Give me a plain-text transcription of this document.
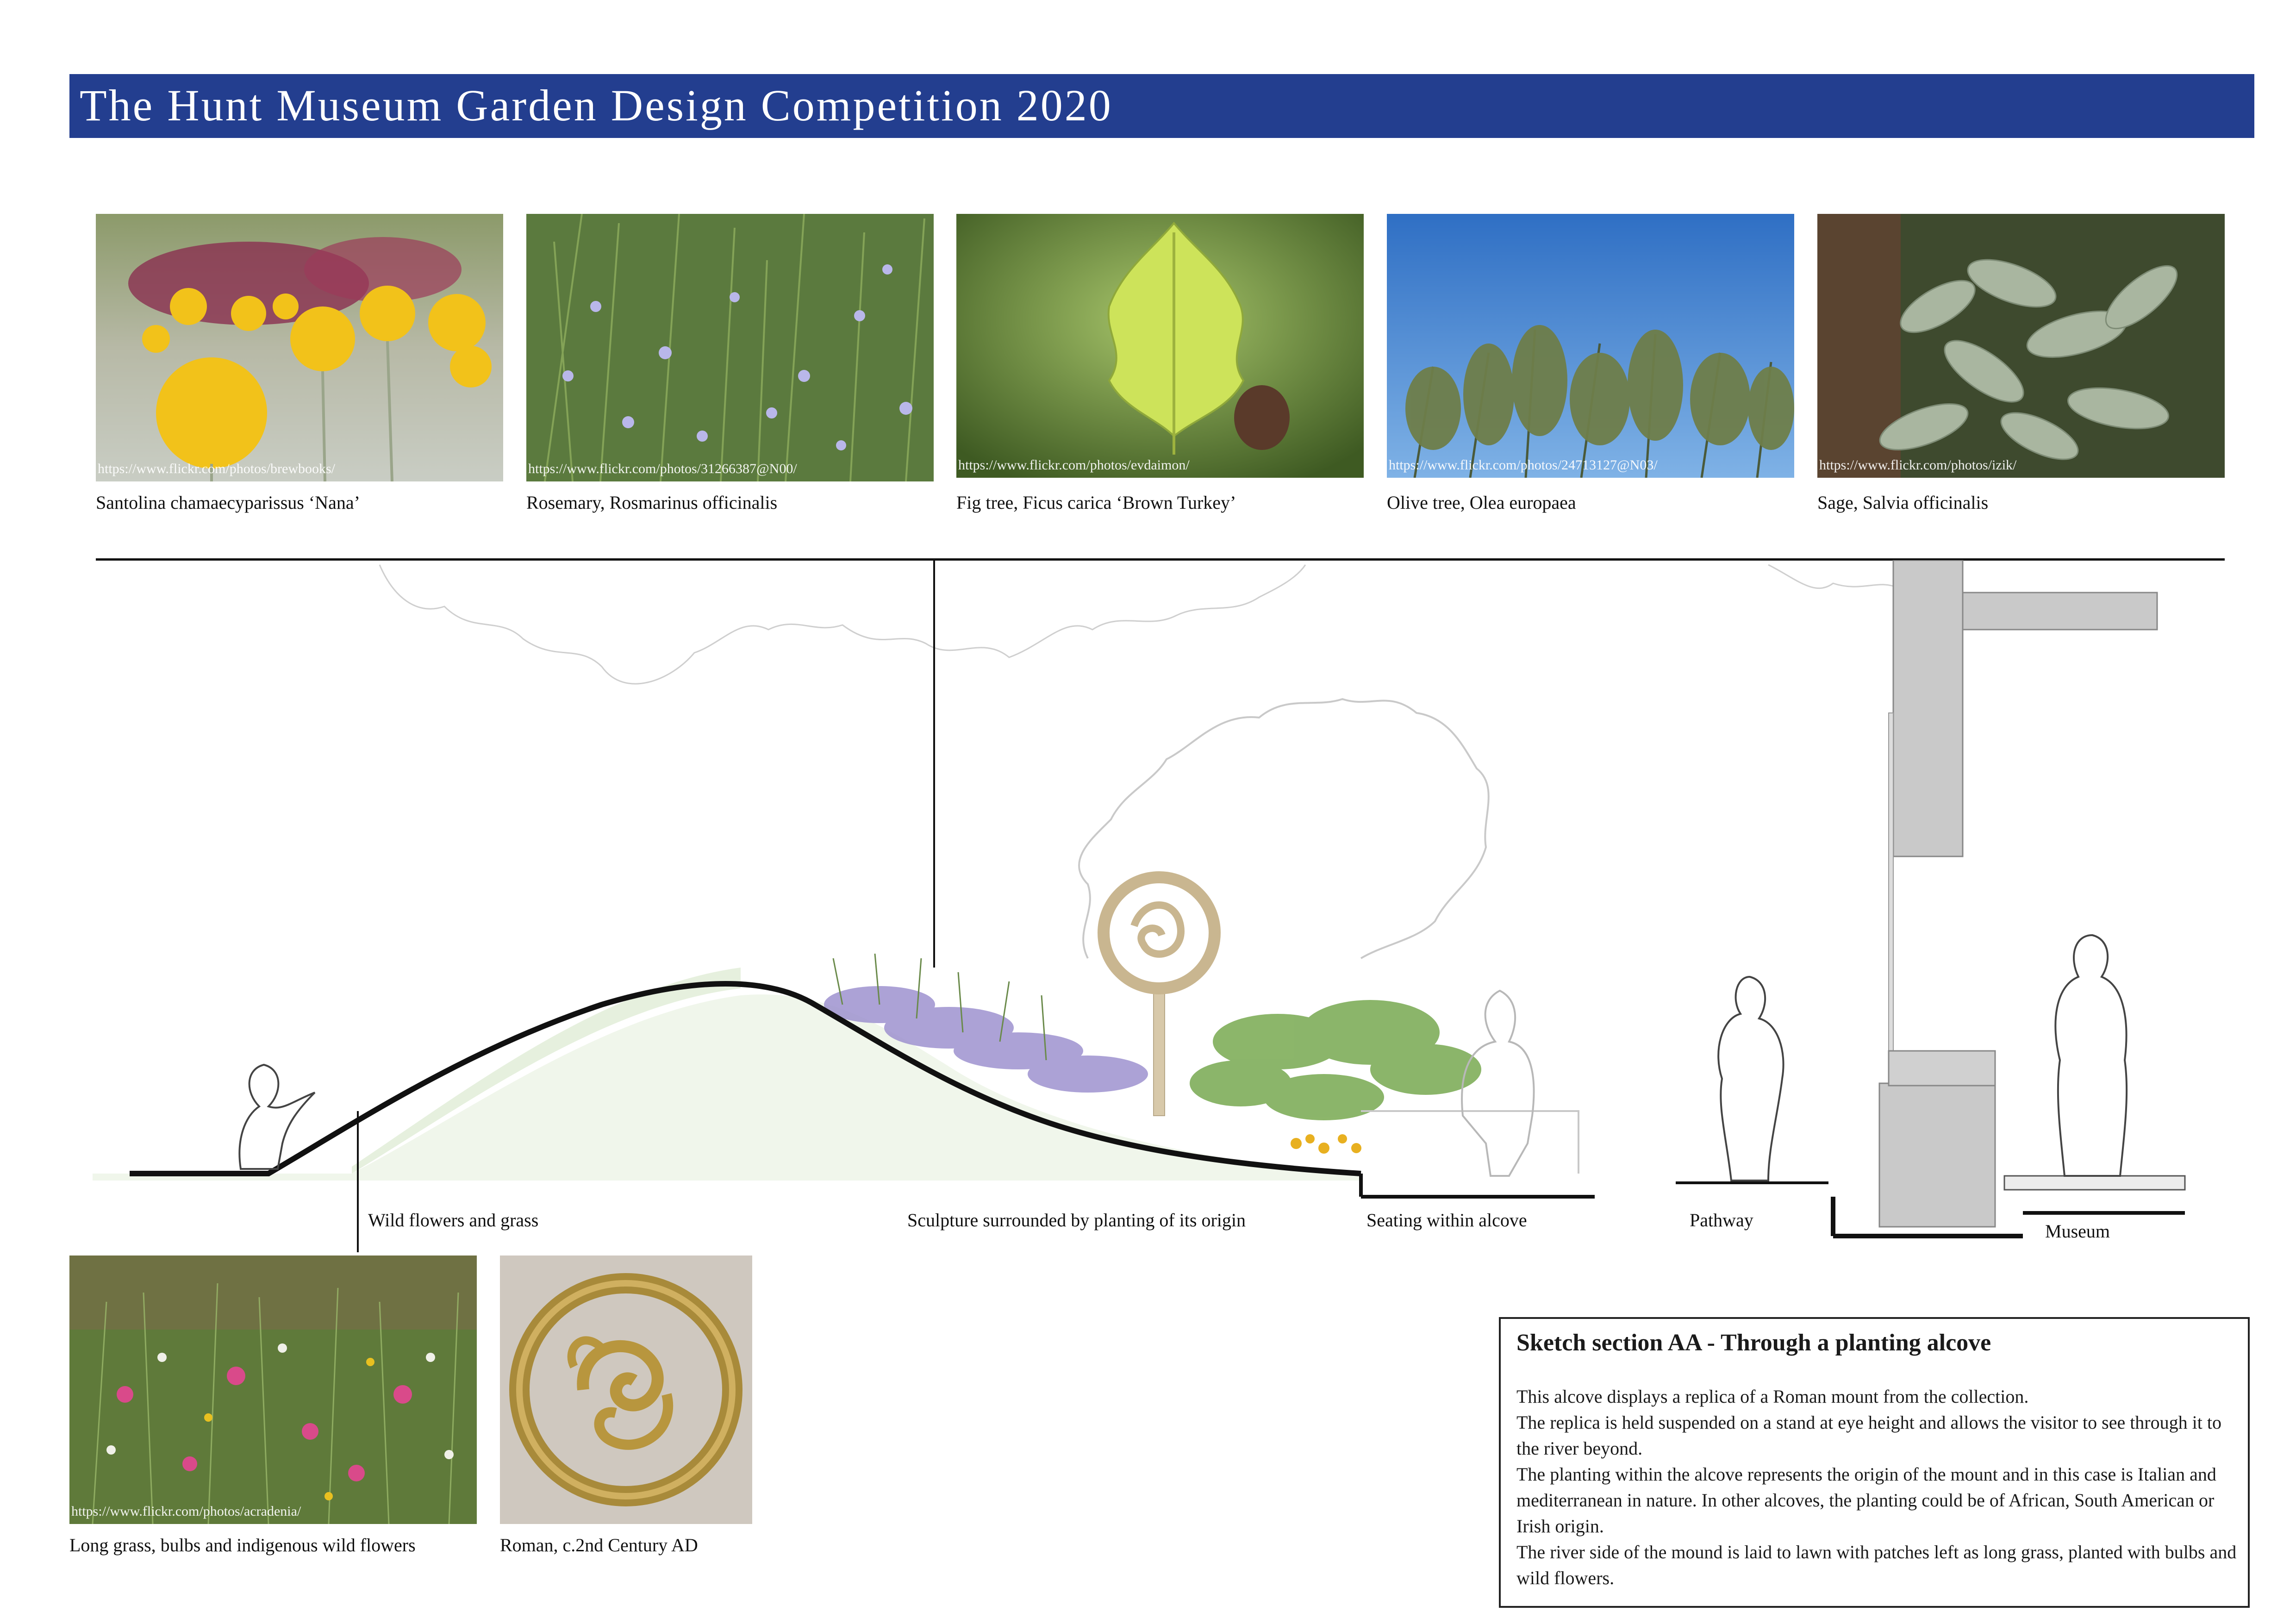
The Hunt Museum Garden Design Competition 2020
https://www.flickr.com/photos/brewbooks/
Santolina chamaecyparissus ‘Nana’
https://www.flickr.com/photos/31266387@N00/
Rosemary, Rosmarinus officinalis
https://www.flickr.com/photos/evdaimon/
Fig tree, Ficus carica ‘Brown Turkey’
https://www.flickr.com/photos/24713127@N03/
Olive tree, Olea europaea
https://www.flickr.com/photos/izik/
Sage, Salvia officinalis
Wild flowers and grass	Sculpture surrounded by planting of its origin	Seating within alcove	Pathway
Museum
https://www.flickr.com/photos/acradenia/
Long grass, bulbs and indigenous wild flowers	Roman, c.2nd Century AD
Sketch section AA - Through a planting alcove

This alcove displays a replica of a Roman mount from the collection.

The replica is held suspended on a stand at eye height and allows the visitor to see through it to the river beyond.

The planting within the alcove represents the origin of the mount and in this case is Italian and mediterranean in nature. In other alcoves, the planting could be of African, South American or Irish origin.

The river side of the mound is laid to lawn with patches left as long grass, planted with bulbs and wild flowers.
